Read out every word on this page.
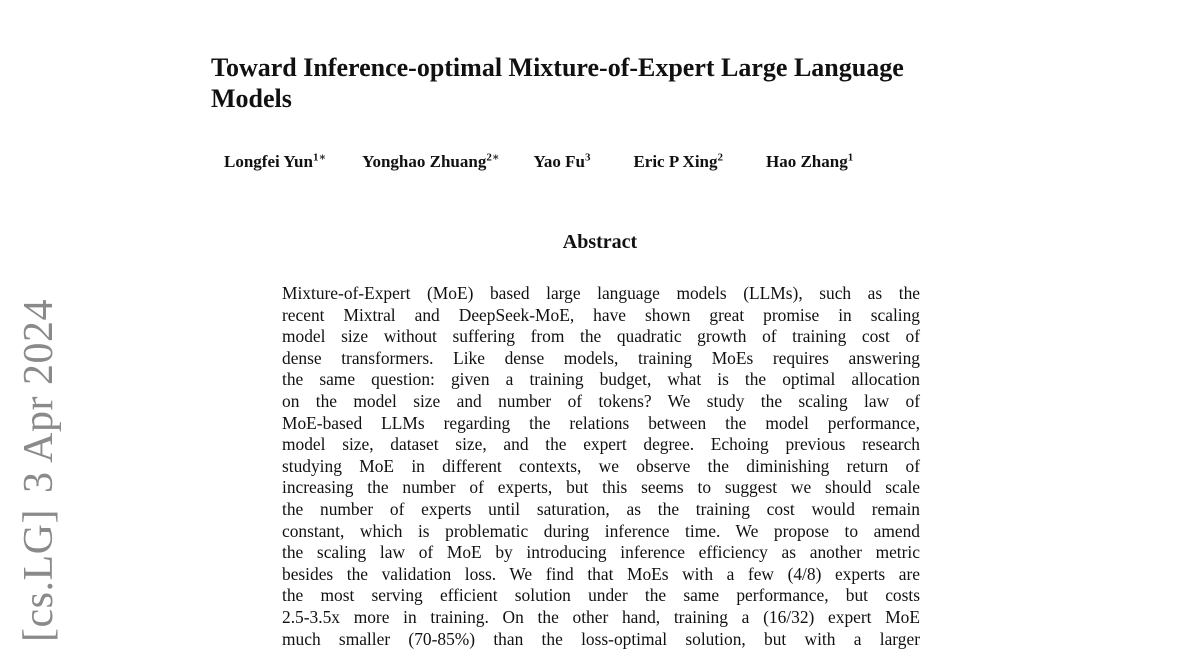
[cs.LG]3 Apr 2024
Toward Inference-optimal Mixture-of-Expert Large Language
Models
Longfei Yun$^{1∗}$ Yonghao Zhuang$^{2∗}$ Yao Fu$^3$	Eric P Xing$^2$	Hao Zhang$^1$
Abstract
Mixture-of-Expert (MoE) based large language models (LLMs), such as the
recent Mixtral and DeepSeek-MoE, have shown great promise in scaling
model size without suffering from the quadratic growth of training cost of
dense transformers. Like dense models, training MoEs requires answering
the same question: given a training budget, what is the optimal allocation
on the model size and number of tokens? We study the scaling law of
MoE-based LLMs regarding the relations between the model performance,
model size, dataset size, and the expert degree. Echoing previous research
studying MoE in different contexts, we observe the diminishing return of
increasing the number of experts, but this seems to suggest we should scale
the number of experts until saturation, as the training cost would remain
constant, which is problematic during inference time. We propose to amend
the scaling law of MoE by introducing inference efficiency as another metric
besides the validation loss. We find that MoEs with a few (4/8) experts are
the most serving efficient solution under the same performance, but costs
2.5-3.5x more in training. On the other hand, training a (16/32) expert MoE
much smaller (70-85%) than the loss-optimal solution, but with a larger
